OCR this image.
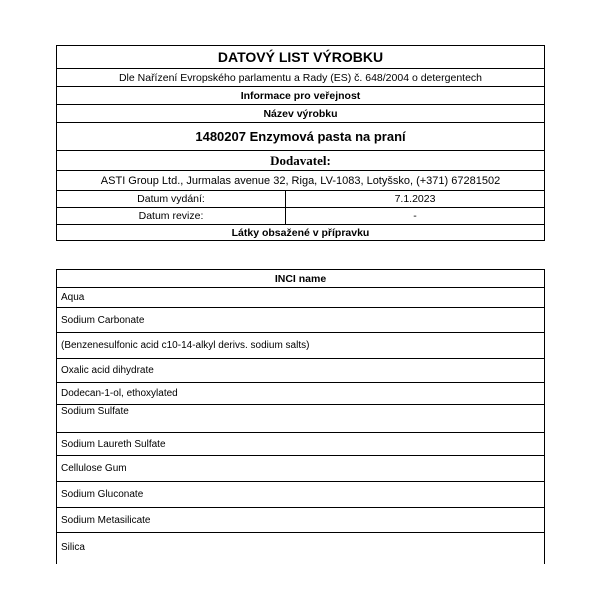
DATOVÝ LIST VÝROBKU
Dle Nařízení Evropského parlamentu a Rady (ES) č. 648/2004 o detergentech
Informace pro veřejnost
Název výrobku
1480207 Enzymová pasta na praní
Dodavatel:
ASTI Group Ltd., Jurmalas avenue 32, Riga, LV-1083, Lotyšsko, (+371) 67281502
Datum vydání:	7.1.2023
Datum revize:	-
Látky obsažené v přípravku
INCI name
Aqua
Sodium Carbonate
(Benzenesulfonic acid c10-14-alkyl derivs. sodium salts)
Oxalic acid dihydrate
Dodecan-1-ol, ethoxylated
Sodium Sulfate
Sodium Laureth Sulfate
Cellulose Gum
Sodium Gluconate
Sodium Metasilicate
Silica
